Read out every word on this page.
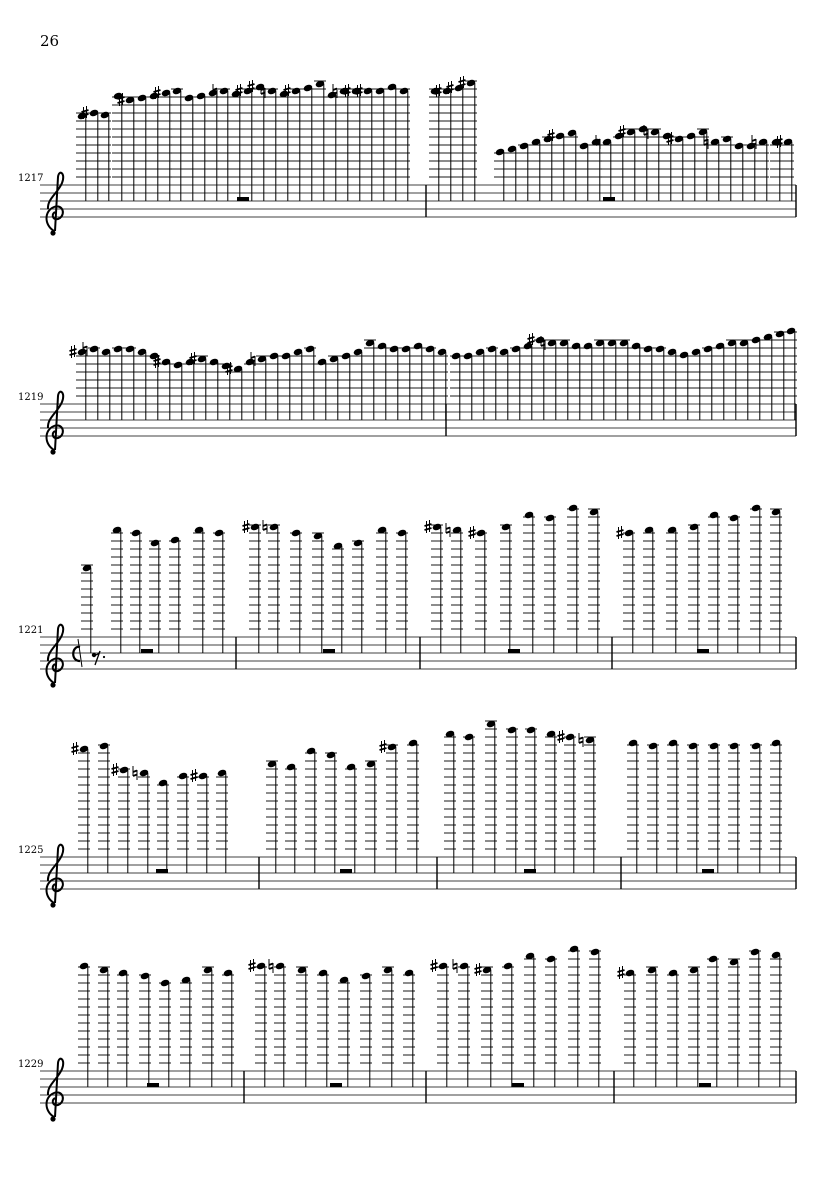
26
1217
1219
1221
1225
1229
